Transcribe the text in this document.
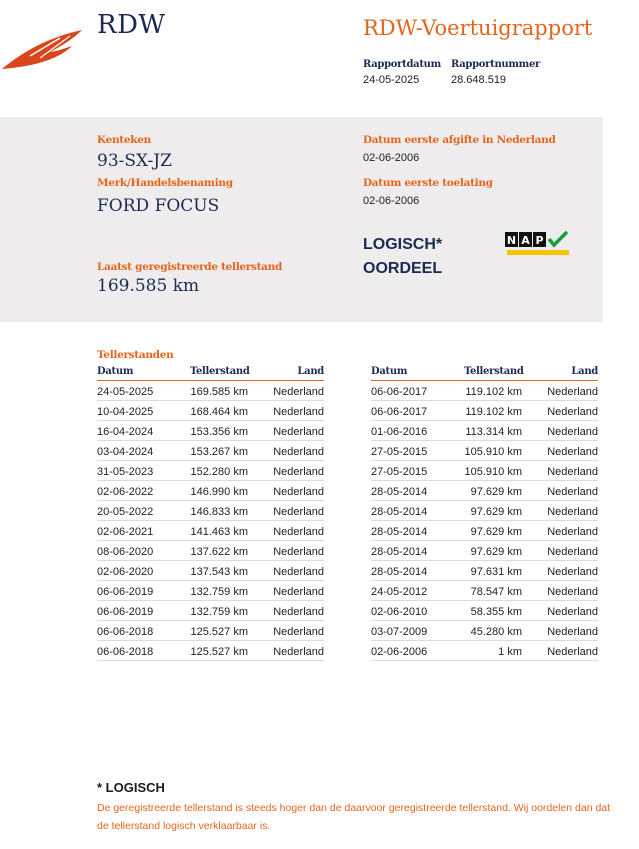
RDW	RDW-Voertuigrapport
Rapportdatum
24-05-2025
Rapportnummer
28.648.519
Kenteken
93-SX-JZ
Merk/Handelsbenaming
FORD FOCUS
Laatst geregistreerde tellerstand
169.585 km
Datum eerste afgifte in Nederland
02-06-2006
Datum eerste toelating
02-06-2006
LOGISCH*
OORDEEL
N A P
Tellerstanden
Datum	Tellerstand	Land
24-05-2025	169.585 km Nederland
10-04-2025	168.464 km Nederland
16-04-2024	153.356 km Nederland
03-04-2024	153.267 km Nederland
31-05-2023	152.280 km Nederland
02-06-2022	146.990 km Nederland
20-05-2022	146.833 km Nederland
02-06-2021	141.463 km Nederland
08-06-2020	137.622 km Nederland
02-06-2020	137.543 km Nederland
06-06-2019	132.759 km Nederland
06-06-2019	132.759 km Nederland
06-06-2018	125.527 km Nederland
06-06-2018	125.527 km Nederland
Datum	Tellerstand	Land
06-06-2017	119.102 km Nederland
06-06-2017	119.102 km Nederland
01-06-2016	113.314 km Nederland
27-05-2015	105.910 km Nederland
27-05-2015	105.910 km Nederland
28-05-2014	97.629 km Nederland
28-05-2014	97.629 km Nederland
28-05-2014	97.629 km Nederland
28-05-2014	97.629 km Nederland
28-05-2014	97.631 km Nederland
24-05-2012	78.547 km Nederland
02-06-2010	58.355 km Nederland
03-07-2009	45.280 km Nederland
02-06-2006	1 km Nederland
* LOGISCH
De geregistreerde tellerstand is steeds hoger dan de daarvoor geregistreerde tellerstand. Wij oordelen dan dat de tellerstand logisch verklaarbaar is.
